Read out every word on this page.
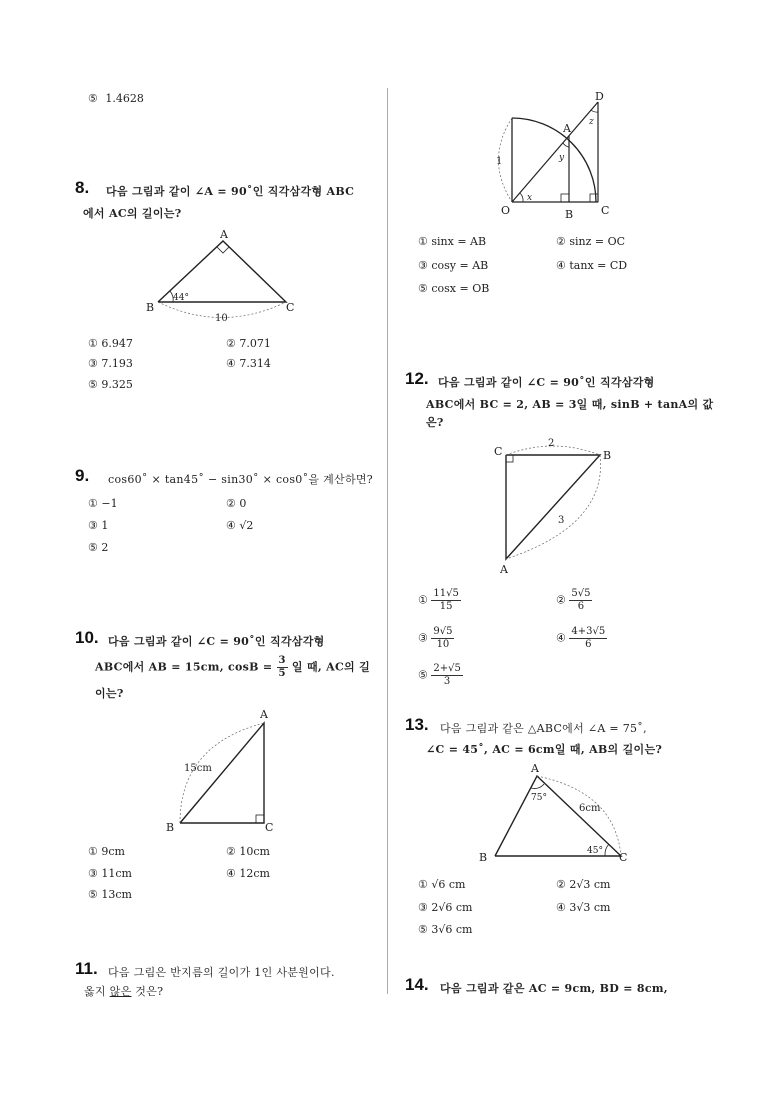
⑤ 1.4628
8. 다음 그림과 같이 ∠A = 90˚인 직각삼각형 ABC
에서 AC의 길이는?
A
B	C
44°
10
① 6.947	② 7.071
③ 7.193	④ 7.314
⑤ 9.325
9. cos60˚ × tan45˚ − sin30˚ × cos0˚을 계산하면?
① −1	② 0
③ 1	④ √2
⑤ 2
10. 다음 그림과 같이 ∠C = 90˚인 직각삼각형
ABC에서 AB = 15cm, $\cos B = \frac{3}{5}$ 일 때, AC의 길
이는?
A
B	C
15cm
① 9cm	② 10cm
③ 11cm	④ 12cm
⑤ 13cm
11. 다음 그림은 반지름의 길이가 1인 사분원이다.
옳지 않은 것은?
D
A
O	B	C
1
x
y
z
① sinx = AB	② sinz = OC
③ cosy = AB	④ tanx = CD
⑤ cosx = OB
12. 다음 그림과 같이 ∠C = 90˚인 직각삼각형
ABC에서 BC = 2, AB = 3일 때, sinB + tanA의 값
은?
C	B
A
2
3
① $\frac{11√5}{15}$	② $\frac{5√5}{6}$
③ $\frac{9√5}{10}$	④ $\frac{4+3√5}{6}$
⑤ $\frac{2+√5}{3}$
13. 다음 그림과 같은 △ABC에서 ∠A = 75˚,
∠C = 45˚, AC = 6cm일 때, AB의 길이는?
A
B	C
75°
45°
6cm
① √6 cm	② 2√3 cm
③ 2√6 cm	④ 3√3 cm
⑤ 3√6 cm
14. 다음 그림과 같은 AC = 9cm, BD = 8cm,
